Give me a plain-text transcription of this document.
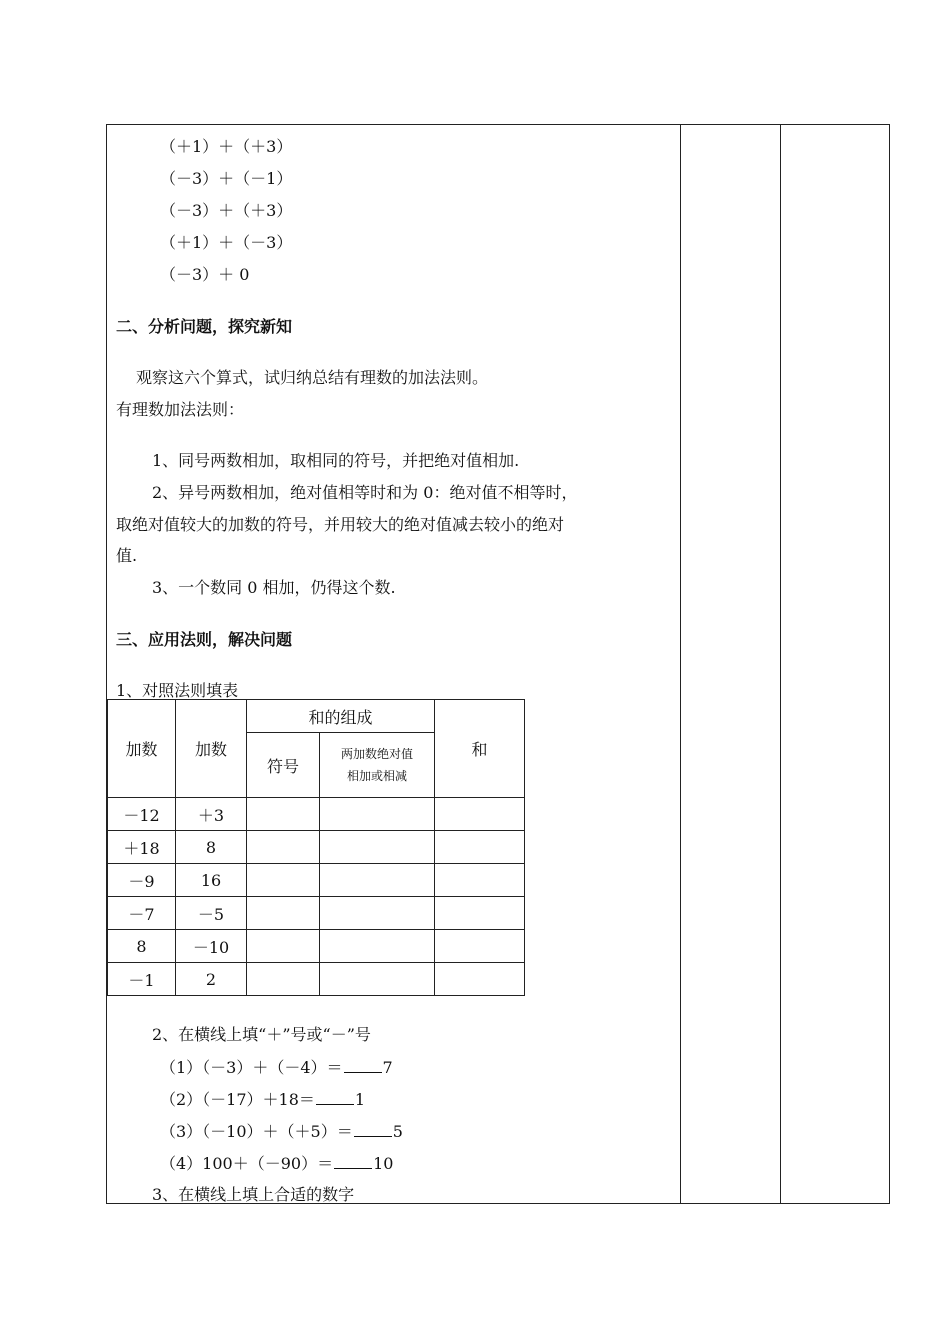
（＋1）＋（＋3）
（－3）＋（－1）
（－3）＋（＋3）
（＋1）＋（－3）
（－3）＋ 0
二、分析问题，探究新知
观察这六个算式，试归纳总结有理数的加法法则。
有理数加法法则：
1、同号两数相加，取相同的符号，并把绝对值相加.
2、异号两数相加，绝对值相等时和为 0：绝对值不相等时，
取绝对值较大的加数的符号，并用较大的绝对值减去较小的绝对
值.
3、一个数同 0 相加，仍得这个数.
三、应用法则，解决问题
1、对照法则填表
加数	加数	和的组成		和
		符号	两加数绝对值
相加或相减	
－12	＋3			
＋18	8			
－9	16			
－7	－5			
8	－10			
－1	2			
2、在横线上填“＋”号或“－”号
（1）（－3）＋（－4）＝	7
（2）（－17）＋18＝	1
（3）（－10）＋（＋5）＝	5
（4）100＋（－90）＝	10
3、在横线上填上合适的数字
